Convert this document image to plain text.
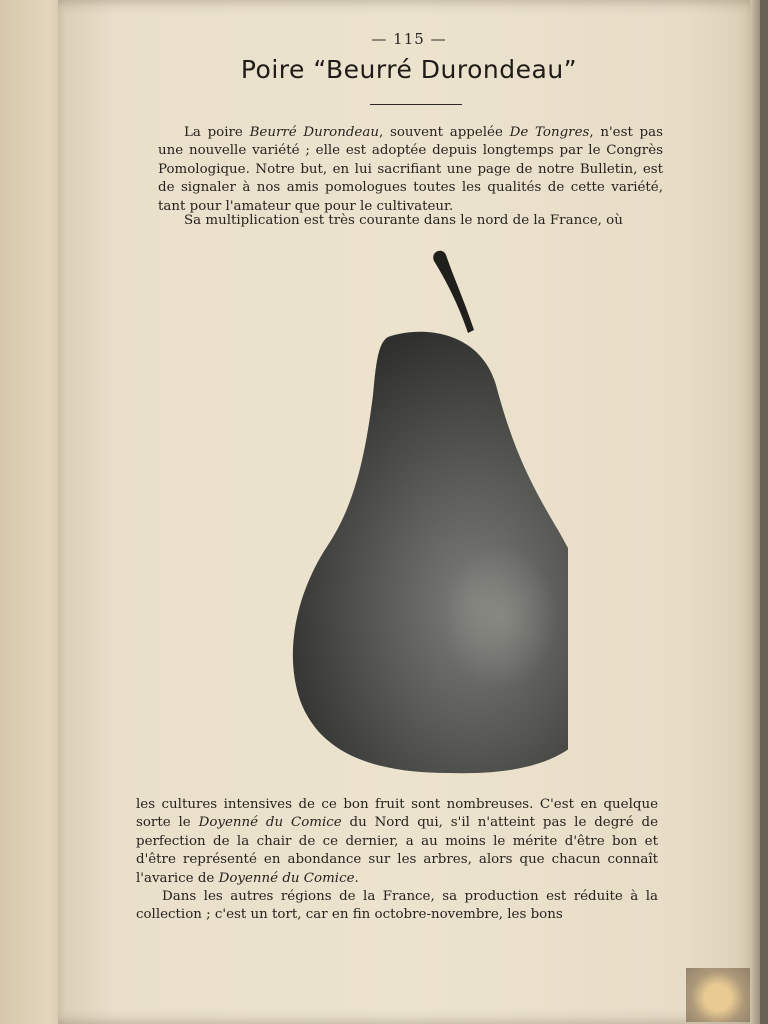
— 115 —
Poire “Beurré Durondeau”

La poire Beurré Durondeau, souvent appelée De Tongres, n'est pas une nouvelle variété ; elle est adoptée depuis longtemps par le Congrès Pomologique. Notre but, en lui sacrifiant une page de notre Bulletin, est de signaler à nos amis pomologues toutes les qualités de cette variété, tant pour l'amateur que pour le cultivateur.

Sa multiplication est très courante dans le nord de la France, où

les cultures intensives de ce bon fruit sont nombreuses. C'est en quelque sorte le Doyenné du Comice du Nord qui, s'il n'atteint pas le degré de perfection de la chair de ce dernier, a au moins le mérite d'être bon et d'être représenté en abondance sur les arbres, alors que chacun connaît l'avarice de Doyenné du Comice.

Dans les autres régions de la France, sa production est réduite à la collection ; c'est un tort, car en fin octobre-novembre, les bons
